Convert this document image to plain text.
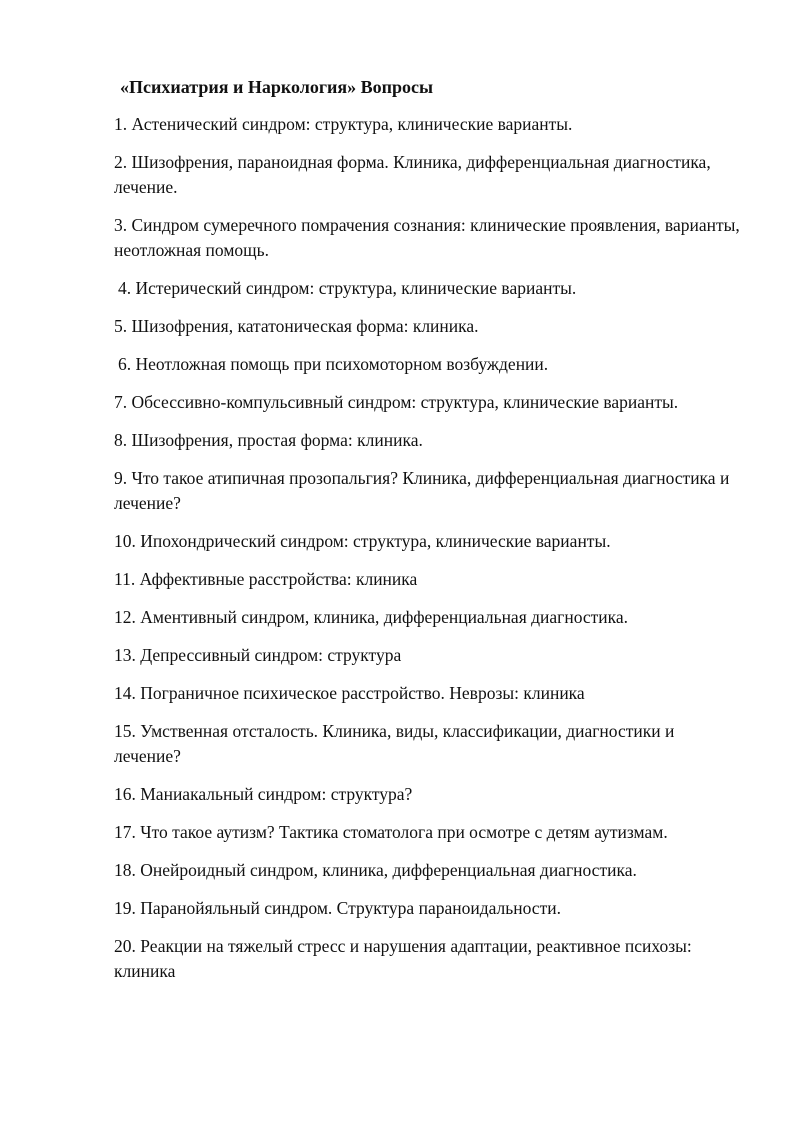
«Психиатрия и Наркология» Вопросы
1. Астенический синдром: структура, клинические варианты.
2. Шизофрения, параноидная форма. Клиника, дифференциальная диагностика, лечение.
3. Синдром сумеречного помрачения сознания: клинические проявления, варианты, неотложная помощь.
4. Истерический синдром: структура, клинические варианты.
5. Шизофрения, кататоническая форма: клиника.
6. Неотложная помощь при психомоторном возбуждении.
7. Обсессивно-компульсивный синдром: структура, клинические варианты.
8. Шизофрения, простая форма: клиника.
9. Что такое атипичная прозопальгия? Клиника, дифференциальная диагностика и лечение?
10. Ипохондрический синдром: структура, клинические варианты.
11. Аффективные расстройства: клиника
12. Аментивный синдром, клиника, дифференциальная диагностика.
13. Депрессивный синдром: структура
14. Пограничное психическое расстройство. Неврозы: клиника
15. Умственная отсталость. Клиника, виды, классификации, диагностики и лечение?
16. Маниакальный синдром: структура?
17. Что такое аутизм? Тактика стоматолога при осмотре с детям аутизмам.
18. Онейроидный синдром, клиника, дифференциальная диагностика.
19. Паранойяльный синдром. Структура параноидальности.
20. Реакции на тяжелый стресс и нарушения адаптации, реактивное психозы: клиника
